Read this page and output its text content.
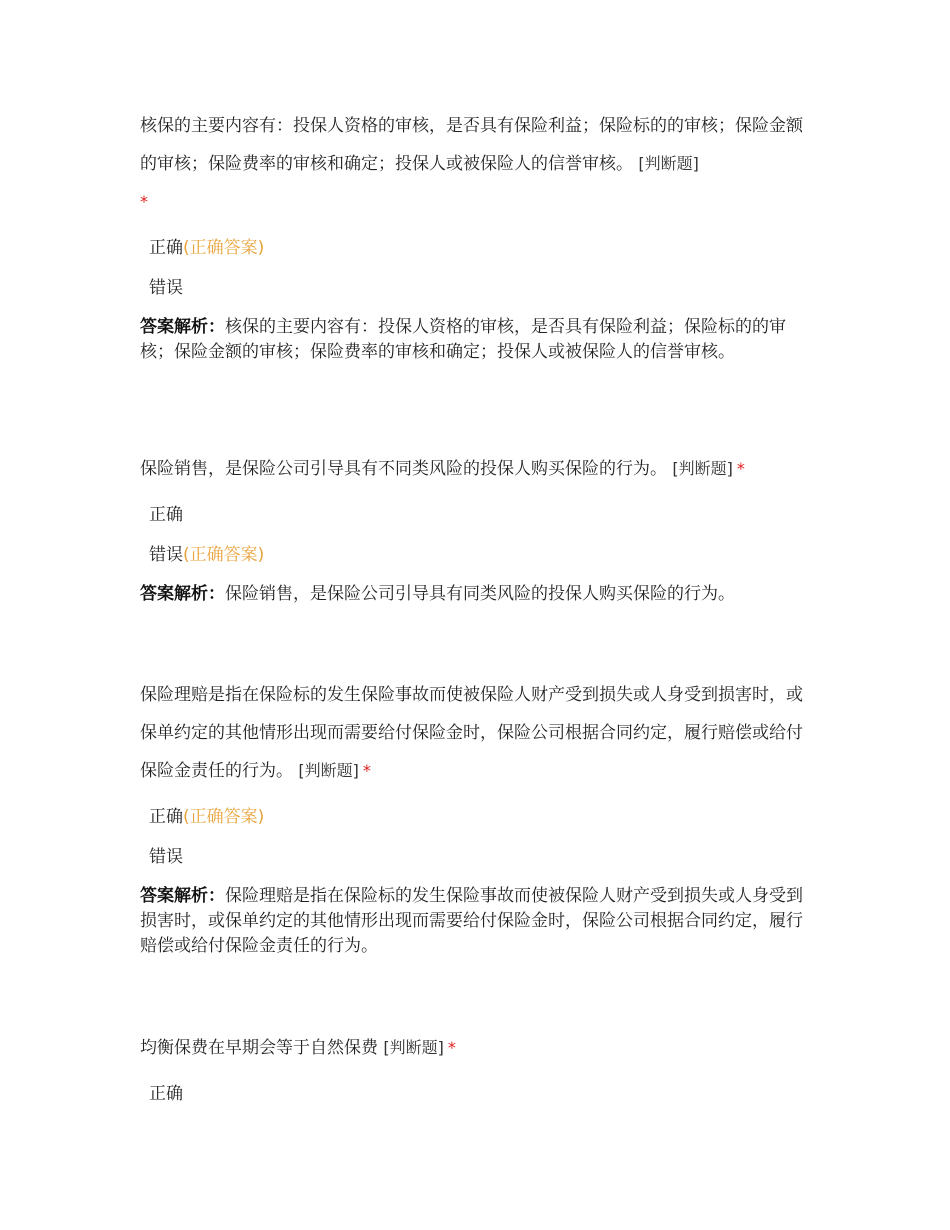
核保的主要内容有：投保人资格的审核，是否具有保险利益；保险标的的审核；保险金额的审核；保险费率的审核和确定；投保人或被保险人的信誉审核。 [判断题]
*

正确(正确答案)
错误

答案解析：核保的主要内容有：投保人资格的审核，是否具有保险利益；保险标的的审核；保险金额的审核；保险费率的审核和确定；投保人或被保险人的信誉审核。

保险销售，是保险公司引导具有不同类风险的投保人购买保险的行为。 [判断题] *

正确
错误(正确答案)

答案解析：保险销售，是保险公司引导具有同类风险的投保人购买保险的行为。

保险理赔是指在保险标的发生保险事故而使被保险人财产受到损失或人身受到损害时，或保单约定的其他情形出现而需要给付保险金时，保险公司根据合同约定，履行赔偿或给付保险金责任的行为。 [判断题] *

正确(正确答案)
错误

答案解析：保险理赔是指在保险标的发生保险事故而使被保险人财产受到损失或人身受到损害时，或保单约定的其他情形出现而需要给付保险金时，保险公司根据合同约定，履行赔偿或给付保险金责任的行为。

均衡保费在早期会等于自然保费 [判断题] *

正确
